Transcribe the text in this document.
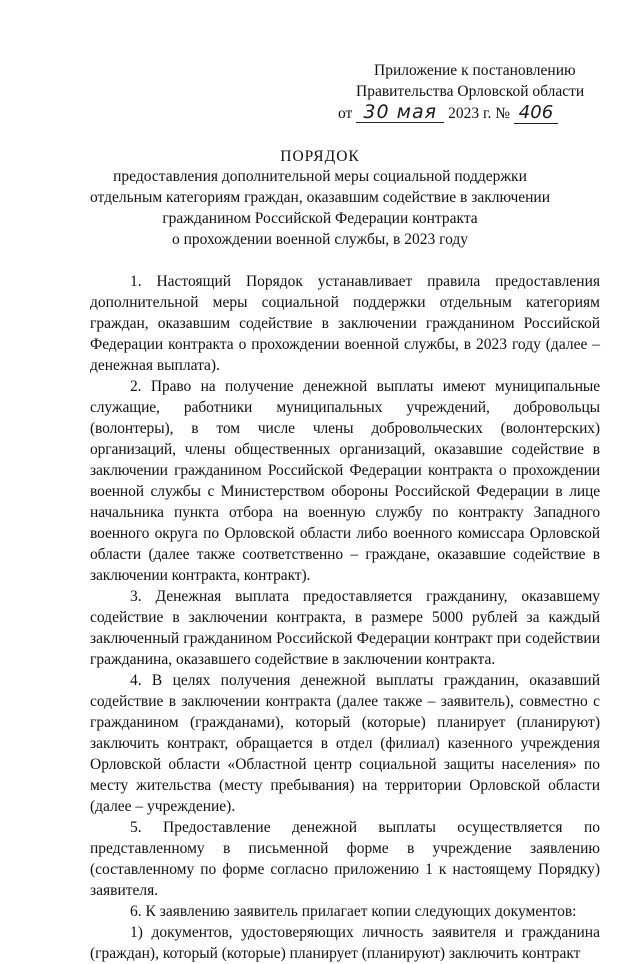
Приложение к постановлению
Правительства Орловской области
от 30 мая 2023 г. № 406
ПОРЯДОК
предоставления дополнительной меры социальной поддержки
отдельным категориям граждан, оказавшим содействие в заключении
гражданином Российской Федерации контракта
о прохождении военной службы, в 2023 году

1. Настоящий Порядок устанавливает правила предоставления дополнительной меры социальной поддержки отдельным категориям граждан, оказавшим содействие в заключении гражданином Российской Федерации контракта о прохождении военной службы, в 2023 году (далее – денежная выплата).

2. Право на получение денежной выплаты имеют муниципальные служащие, работники муниципальных учреждений, добровольцы (волонтеры), в том числе члены добровольческих (волонтерских) организаций, члены общественных организаций, оказавшие содействие в заключении гражданином Российской Федерации контракта о прохождении военной службы с Министерством обороны Российской Федерации в лице начальника пункта отбора на военную службу по контракту Западного военного округа по Орловской области либо военного комиссара Орловской области (далее также соответственно – граждане, оказавшие содействие в заключении контракта, контракт).

3. Денежная выплата предоставляется гражданину, оказавшему содействие в заключении контракта, в размере 5000 рублей за каждый заключенный гражданином Российской Федерации контракт при содействии гражданина, оказавшего содействие в заключении контракта.

4. В целях получения денежной выплаты гражданин, оказавший содействие в заключении контракта (далее также – заявитель), совместно с гражданином (гражданами), который (которые) планирует (планируют) заключить контракт, обращается в отдел (филиал) казенного учреждения Орловской области «Областной центр социальной защиты населения» по месту жительства (месту пребывания) на территории Орловской области (далее – учреждение).

5. Предоставление денежной выплаты осуществляется по представленному в письменной форме в учреждение заявлению (составленному по форме согласно приложению 1 к настоящему Порядку) заявителя.

6. К заявлению заявитель прилагает копии следующих документов:

1) документов, удостоверяющих личность заявителя и гражданина (граждан), который (которые) планирует (планируют) заключить контракт
